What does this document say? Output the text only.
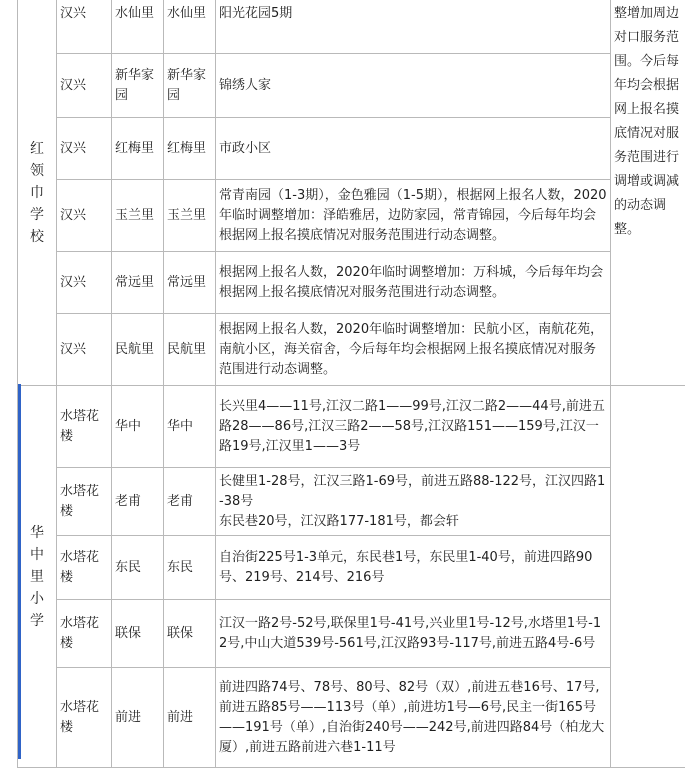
红领巾学校	汉兴	水仙里	水仙里	阳光花园5期	整增加周边对口服务范围。今后每年均会根据网上报名摸底情况对服务范围进行调增或调减的动态调整。
	汉兴	新华家园	新华家园	锦绣人家	
	汉兴	红梅里	红梅里	市政小区	
	汉兴	玉兰里	玉兰里	常青南园（1-3期），金色雅园（1-5期），根据网上报名人数，2020年临时调整增加：泽皓雅居，边防家园，常青锦园，今后每年均会根据网上报名摸底情况对服务范围进行动态调整。	
	汉兴	常远里	常远里	根据网上报名人数，2020年临时调整增加：万科城，今后每年均会根据网上报名摸底情况对服务范围进行动态调整。	
	汉兴	民航里	民航里	根据网上报名人数，2020年临时调整增加：民航小区，南航花苑，南航小区，海关宿舍，今后每年均会根据网上报名摸底情况对服务范围进行动态调整。	

华中里小学	水塔花楼	华中	华中	长兴里4——11号,江汉二路1——99号,江汉二路2——44号,前进五路28——86号,江汉三路2——58号,江汉路151——159号,江汉一路19号,江汉里1——3号	
	水塔花楼	老甫	老甫	长健里1-28号，江汉三路1-69号，前进五路88-122号，江汉四路1-38号
东民巷20号，江汉路177-181号，都会轩	
	水塔花楼	东民	东民	自治街225号1-3单元，东民巷1号，东民里1-40号，前进四路90号、219号、214号、216号	
	水塔花楼	联保	联保	江汉一路2号-52号,联保里1号-41号,兴业里1号-12号,水塔里1号-12号,中山大道539号-561号,江汉路93号-117号,前进五路4号-6号	
	水塔花楼	前进	前进	前进四路74号、78号、80号、82号（双）,前进五巷16号、17号,前进五路85号——113号（单）,前进坊1号—6号,民主一街165号——191号（单）,自治街240号——242号,前进四路84号（柏龙大厦）,前进五路前进六巷1-11号	
